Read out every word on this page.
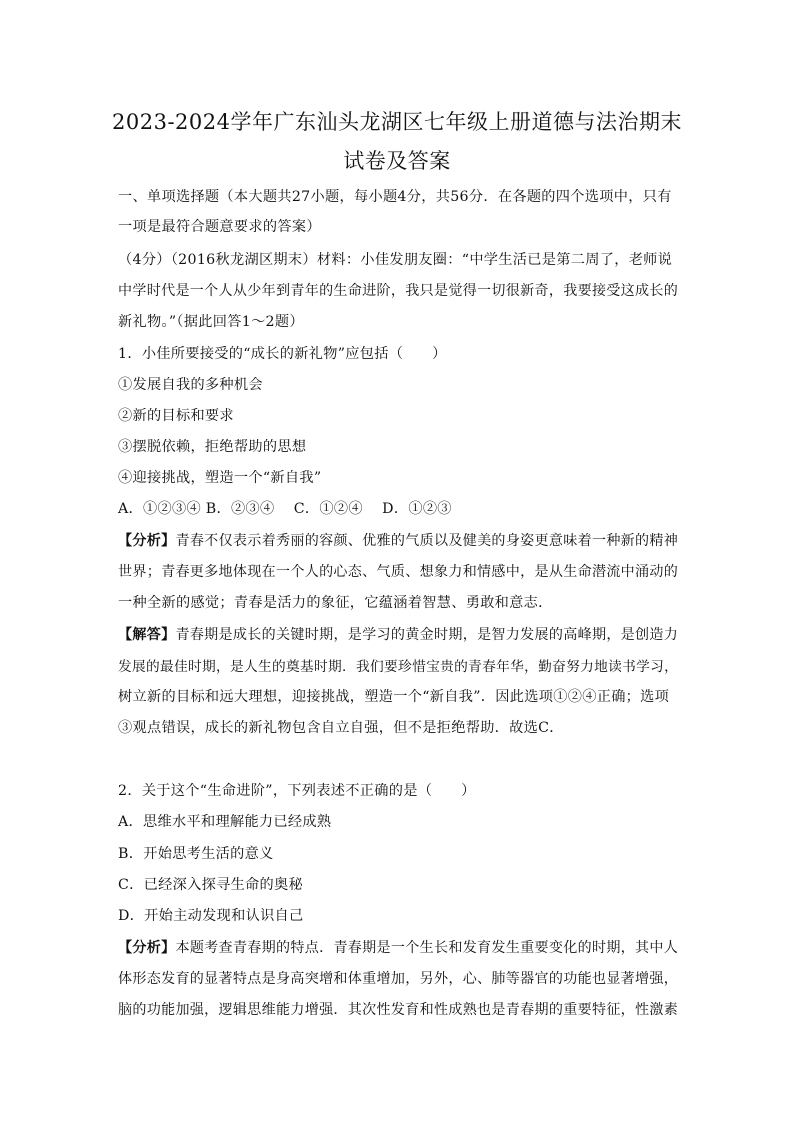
2023-2024学年广东汕头龙湖区七年级上册道德与法治期末
试卷及答案
一、单项选择题（本大题共27小题，每小题4分，共56分．在各题的四个选项中，只有
一项是最符合题意要求的答案）
（4分）（2016秋龙湖区期末）材料：小佳发朋友圈：“中学生活已是第二周了，老师说
中学时代是一个人从少年到青年的生命进阶，我只是觉得一切很新奇，我要接受这成长的
新礼物。”（据此回答1～2题）
1．小佳所要接受的“成长的新礼物”应包括（　　）
①发展自我的多种机会
②新的目标和要求
③摆脱依赖，拒绝帮助的思想
④迎接挑战，塑造一个“新自我”
A．①②③④ B．②③④　 C．①②④　 D．①②③
【分析】青春不仅表示着秀丽的容颜、优雅的气质以及健美的身姿更意味着一种新的精神
世界；青春更多地体现在一个人的心态、气质、想象力和情感中，是从生命潜流中涌动的
一种全新的感觉；青春是活力的象征，它蕴涵着智慧、勇敢和意志．
【解答】青春期是成长的关键时期，是学习的黄金时期，是智力发展的高峰期，是创造力
发展的最佳时期，是人生的奠基时期．我们要珍惜宝贵的青春年华，勤奋努力地读书学习，
树立新的目标和远大理想，迎接挑战，塑造一个“新自我”．因此选项①②④正确；选项
③观点错误，成长的新礼物包含自立自强，但不是拒绝帮助．故选C．
2．关于这个“生命进阶”，下列表述不正确的是（　　）
A．思维水平和理解能力已经成熟
B．开始思考生活的意义
C．已经深入探寻生命的奥秘
D．开始主动发现和认识自己
【分析】本题考查青春期的特点．青春期是一个生长和发育发生重要变化的时期，其中人
体形态发育的显著特点是身高突增和体重增加，另外，心、肺等器官的功能也显著增强，
脑的功能加强，逻辑思维能力增强．其次性发育和性成熟也是青春期的重要特征，性激素
